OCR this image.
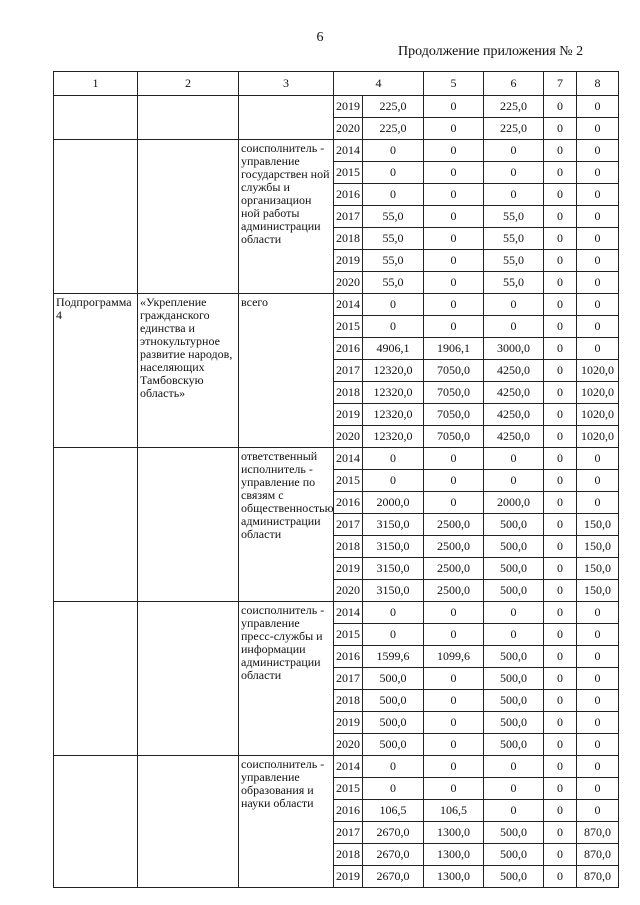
6
Продолжение приложения № 2
1	2	3	4		5	6	7	8
			2019	225,0	0	225,0	0	0
			2020	225,0	0	225,0	0	0
		соисполнитель - управление государствен ной службы и организацион ной работы администрации области	2014	0	0	0	0	0
			2015	0	0	0	0	0
			2016	0	0	0	0	0
			2017	55,0	0	55,0	0	0
			2018	55,0	0	55,0	0	0
			2019	55,0	0	55,0	0	0
			2020	55,0	0	55,0	0	0
Подпрограмма 4	«Укрепление гражданского единства и этнокультурное развитие народов, населяющих Тамбовскую область»	всего	2014	0	0	0	0	0
			2015	0	0	0	0	0
			2016	4906,1	1906,1	3000,0	0	0
			2017	12320,0	7050,0	4250,0	0	1020,0
			2018	12320,0	7050,0	4250,0	0	1020,0
			2019	12320,0	7050,0	4250,0	0	1020,0
			2020	12320,0	7050,0	4250,0	0	1020,0
		ответственный исполнитель - управление по связям с общественностью администрации области	2014	0	0	0	0	0
			2015	0	0	0	0	0
			2016	2000,0	0	2000,0	0	0
			2017	3150,0	2500,0	500,0	0	150,0
			2018	3150,0	2500,0	500,0	0	150,0
			2019	3150,0	2500,0	500,0	0	150,0
			2020	3150,0	2500,0	500,0	0	150,0
		соисполнитель - управление пресс-службы и информации администрации области	2014	0	0	0	0	0
			2015	0	0	0	0	0
			2016	1599,6	1099,6	500,0	0	0
			2017	500,0	0	500,0	0	0
			2018	500,0	0	500,0	0	0
			2019	500,0	0	500,0	0	0
			2020	500,0	0	500,0	0	0
		соисполнитель - управление образования и науки области	2014	0	0	0	0	0
			2015	0	0	0	0	0
			2016	106,5	106,5	0	0	0
			2017	2670,0	1300,0	500,0	0	870,0
			2018	2670,0	1300,0	500,0	0	870,0
			2019	2670,0	1300,0	500,0	0	870,0
